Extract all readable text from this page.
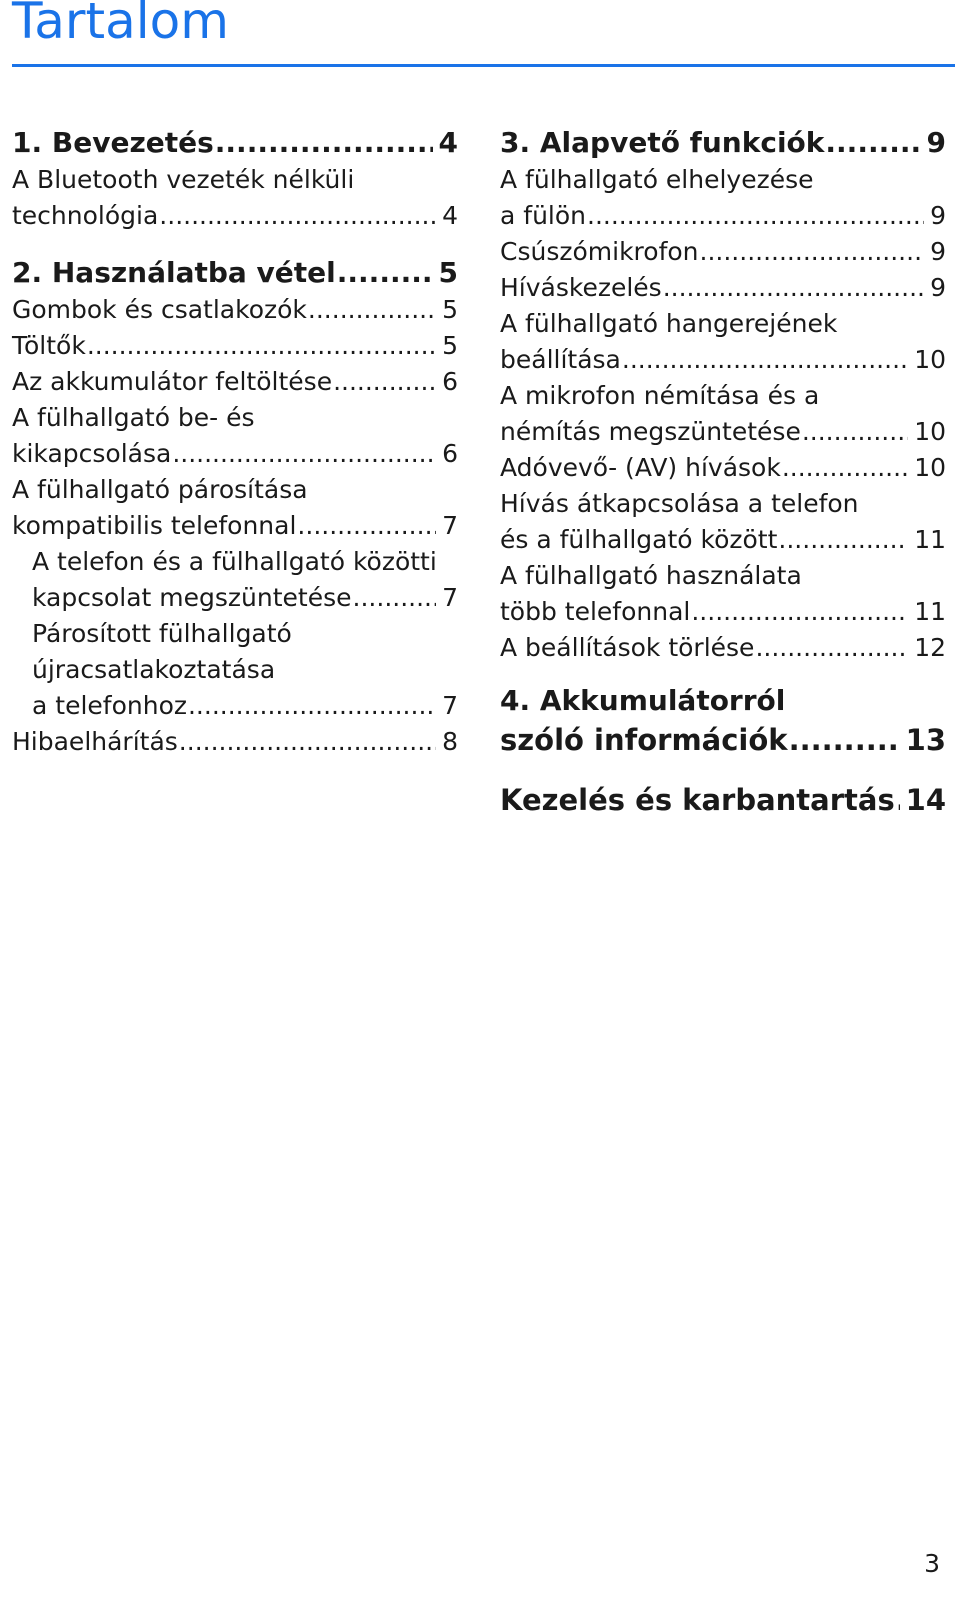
Tartalom
1. Bevezetés .....	4
A Bluetooth vezeték nélküli
technológia .....	4
2. Használatba vétel .....	5
Gombok és csatlakozók .....	5
Töltők .....	5
Az akkumulátor feltöltése .....	6
A fülhallgató be- és
kikapcsolása .....	6
A fülhallgató párosítása
kompatibilis telefonnal .....	7
A telefon és a fülhallgató közötti
kapcsolat megszüntetése .....	7
Párosított fülhallgató
újracsatlakoztatása
a telefonhoz .....	7
Hibaelhárítás .....	8
3. Alapvető funkciók .....	9
A fülhallgató elhelyezése
a fülön .....	9
Csúszómikrofon .....	9
Híváskezelés .....	9
A fülhallgató hangerejének
beállítása .....	10
A mikrofon némítása és a
némítás megszüntetése .....	10
Adóvevő- (AV) hívások .....	10
Hívás átkapcsolása a telefon
és a fülhallgató között .....	11
A fülhallgató használata
több telefonnal .....	11
A beállítások törlése .....	12
4. Akkumulátorról
szóló információk .....	13
Kezelés és karbantartás ..... 14
3
